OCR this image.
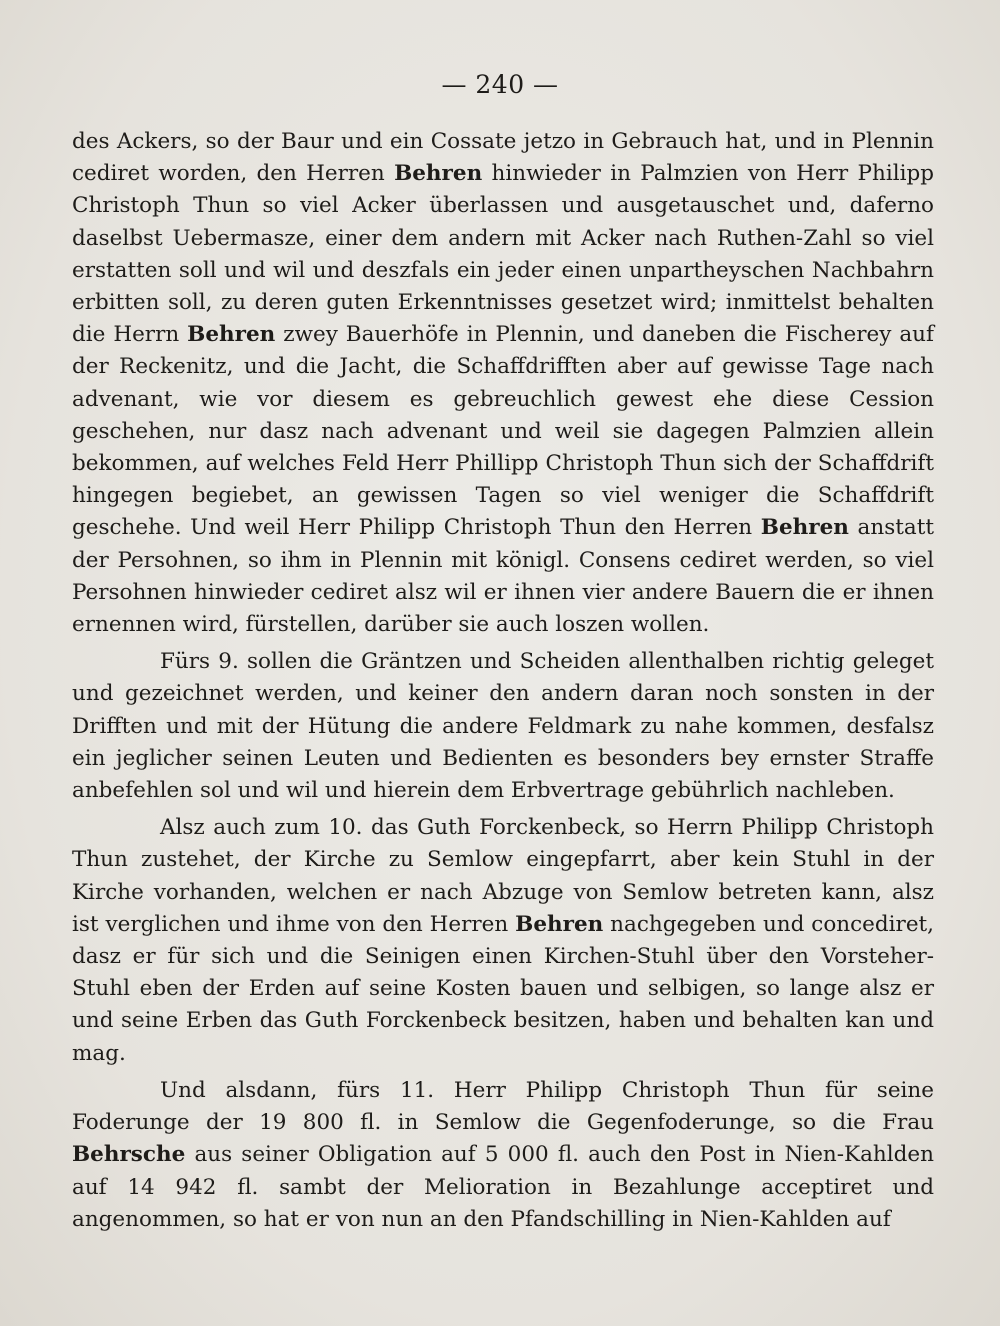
— 240 —

des Ackers, so der Baur und ein Cossate jetzo in Gebrauch hat, und in Plennin cediret worden, den Herren Behren hinwieder in Palmzien von Herr Philipp Christoph Thun so viel Acker überlassen und ausgetauschet und, daferno daselbst Uebermasze, einer dem andern mit Acker nach Ruthen-Zahl so viel erstatten soll und wil und deszfals ein jeder einen unpartheyschen Nachbahrn erbitten soll, zu deren guten Erkenntnisses gesetzet wird; inmittelst behalten die Herrn Behren zwey Bauerhöfe in Plennin, und daneben die Fischerey auf der Reckenitz, und die Jacht, die Schaffdrifften aber auf gewisse Tage nach advenant, wie vor diesem es gebreuchlich gewest ehe diese Cession geschehen, nur dasz nach advenant und weil sie dagegen Palmzien allein bekommen, auf welches Feld Herr Phillipp Christoph Thun sich der Schaffdrift hingegen begiebet, an gewissen Tagen so viel weniger die Schaffdrift geschehe. Und weil Herr Philipp Christoph Thun den Herren Behren anstatt der Persohnen, so ihm in Plennin mit königl. Consens cediret werden, so viel Persohnen hinwieder cediret alsz wil er ihnen vier andere Bauern die er ihnen ernennen wird, fürstellen, darüber sie auch loszen wollen.

Fürs 9. sollen die Gräntzen und Scheiden allenthalben richtig geleget und gezeichnet werden, und keiner den andern daran noch sonsten in der Drifften und mit der Hütung die andere Feldmark zu nahe kommen, desfalsz ein jeglicher seinen Leuten und Bedienten es besonders bey ernster Straffe anbefehlen sol und wil und hierein dem Erbvertrage gebührlich nachleben.

Alsz auch zum 10. das Guth Forckenbeck, so Herrn Philipp Christoph Thun zustehet, der Kirche zu Semlow eingepfarrt, aber kein Stuhl in der Kirche vorhanden, welchen er nach Abzuge von Semlow betreten kann, alsz ist verglichen und ihme von den Herren Behren nachgegeben und concediret, dasz er für sich und die Seinigen einen Kirchen-Stuhl über den Vorsteher-Stuhl eben der Erden auf seine Kosten bauen und selbigen, so lange alsz er und seine Erben das Guth Forckenbeck besitzen, haben und behalten kan und mag.

Und alsdann, fürs 11. Herr Philipp Christoph Thun für seine Foderunge der 19 800 fl. in Semlow die Gegenfoderunge, so die Frau Behrsche aus seiner Obligation auf 5 000 fl. auch den Post in Nien-Kahlden auf 14 942 fl. sambt der Melioration in Bezahlunge acceptiret und angenommen, so hat er von nun an den Pfandschilling in Nien-Kahlden auf
